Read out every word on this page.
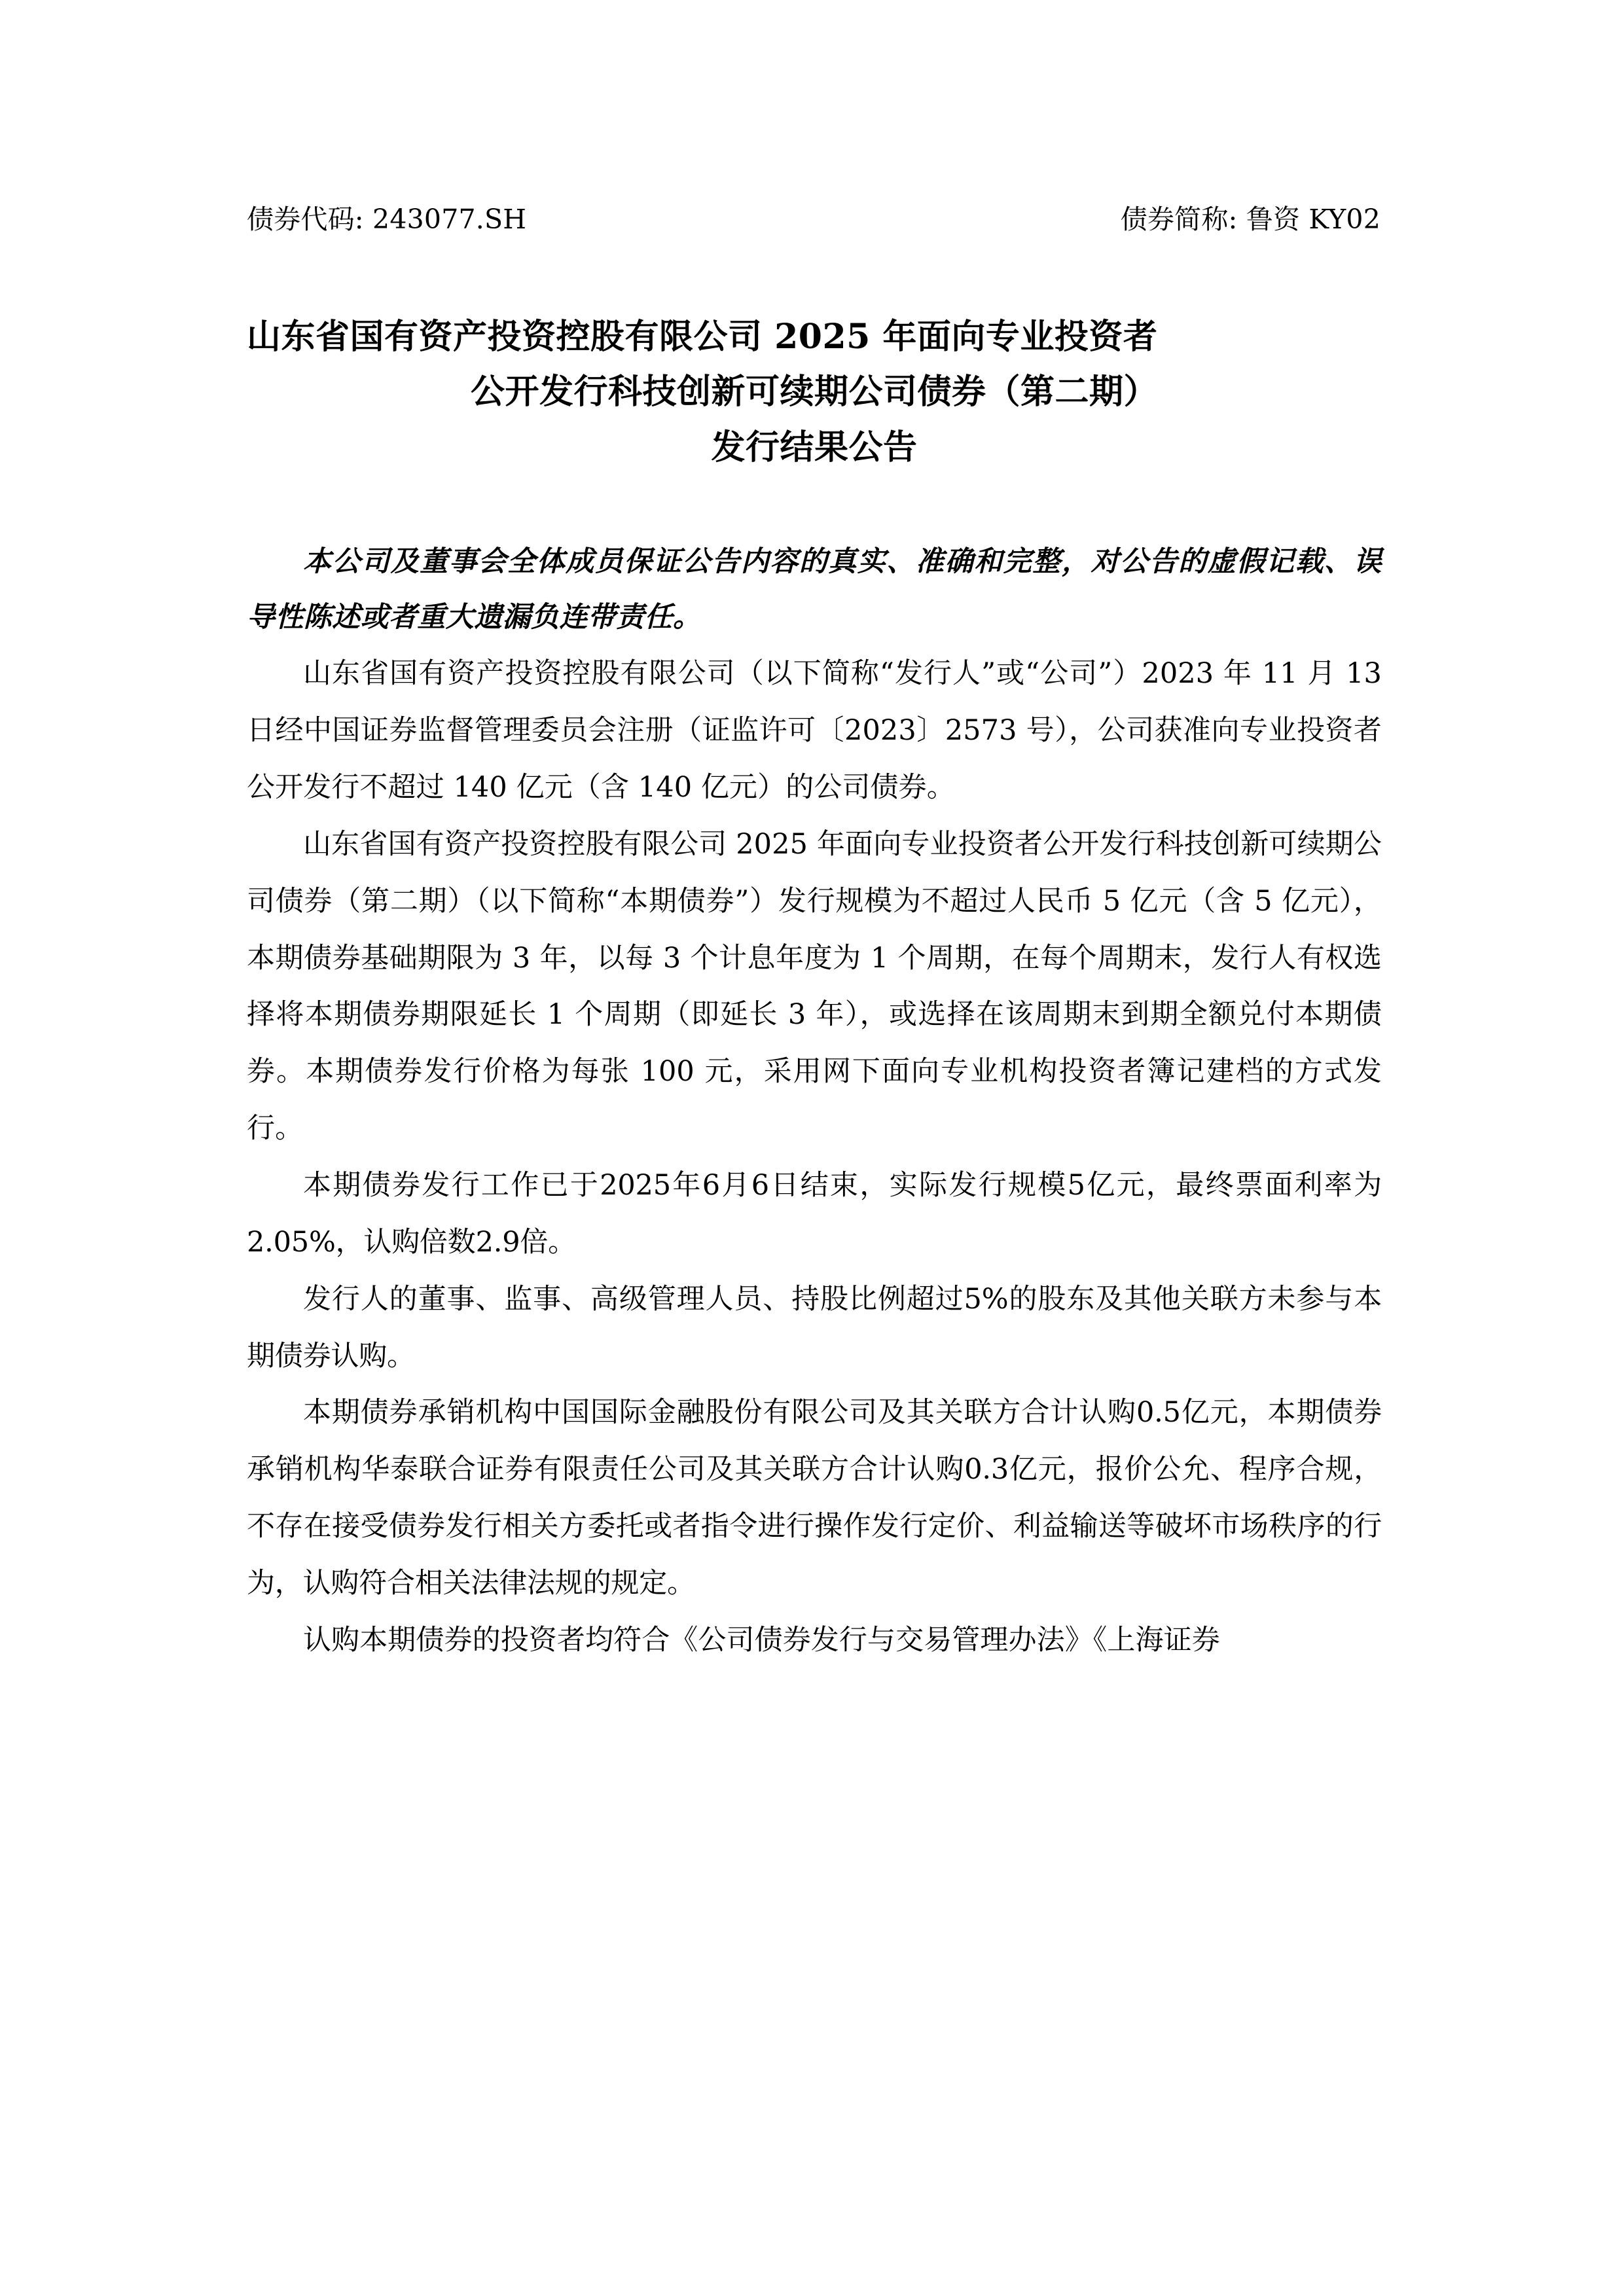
债券代码: 243077.SH	债券简称: 鲁资 KY02
山东省国有资产投资控股有限公司 2025 年面向专业投资者
公开发行科技创新可续期公司债券（第二期）
发行结果公告

本公司及董事会全体成员保证公告内容的真实、准确和完整，对公告的虚假记载、误导性陈述或者重大遗漏负连带责任。

山东省国有资产投资控股有限公司（以下简称“发行人”或“公司”）2023 年 11 月 13 日经中国证券监督管理委员会注册（证监许可〔2023〕2573 号），公司获准向专业投资者公开发行不超过 140 亿元（含 140 亿元）的公司债券。

山东省国有资产投资控股有限公司 2025 年面向专业投资者公开发行科技创新可续期公司债券（第二期）（以下简称“本期债券”）发行规模为不超过人民币 5 亿元（含 5 亿元），本期债券基础期限为 3 年，以每 3 个计息年度为 1 个周期，在每个周期末，发行人有权选择将本期债券期限延长 1 个周期（即延长 3 年），或选择在该周期末到期全额兑付本期债券。本期债券发行价格为每张 100 元，采用网下面向专业机构投资者簿记建档的方式发行。

本期债券发行工作已于2025年6月6日结束，实际发行规模5亿元，最终票面利率为2.05%，认购倍数2.9倍。

发行人的董事、监事、高级管理人员、持股比例超过5%的股东及其他关联方未参与本期债券认购。

本期债券承销机构中国国际金融股份有限公司及其关联方合计认购0.5亿元，本期债券承销机构华泰联合证券有限责任公司及其关联方合计认购0.3亿元，报价公允、程序合规，不存在接受债券发行相关方委托或者指令进行操作发行定价、利益输送等破坏市场秩序的行为，认购符合相关法律法规的规定。

认购本期债券的投资者均符合《公司债券发行与交易管理办法》《上海证券
